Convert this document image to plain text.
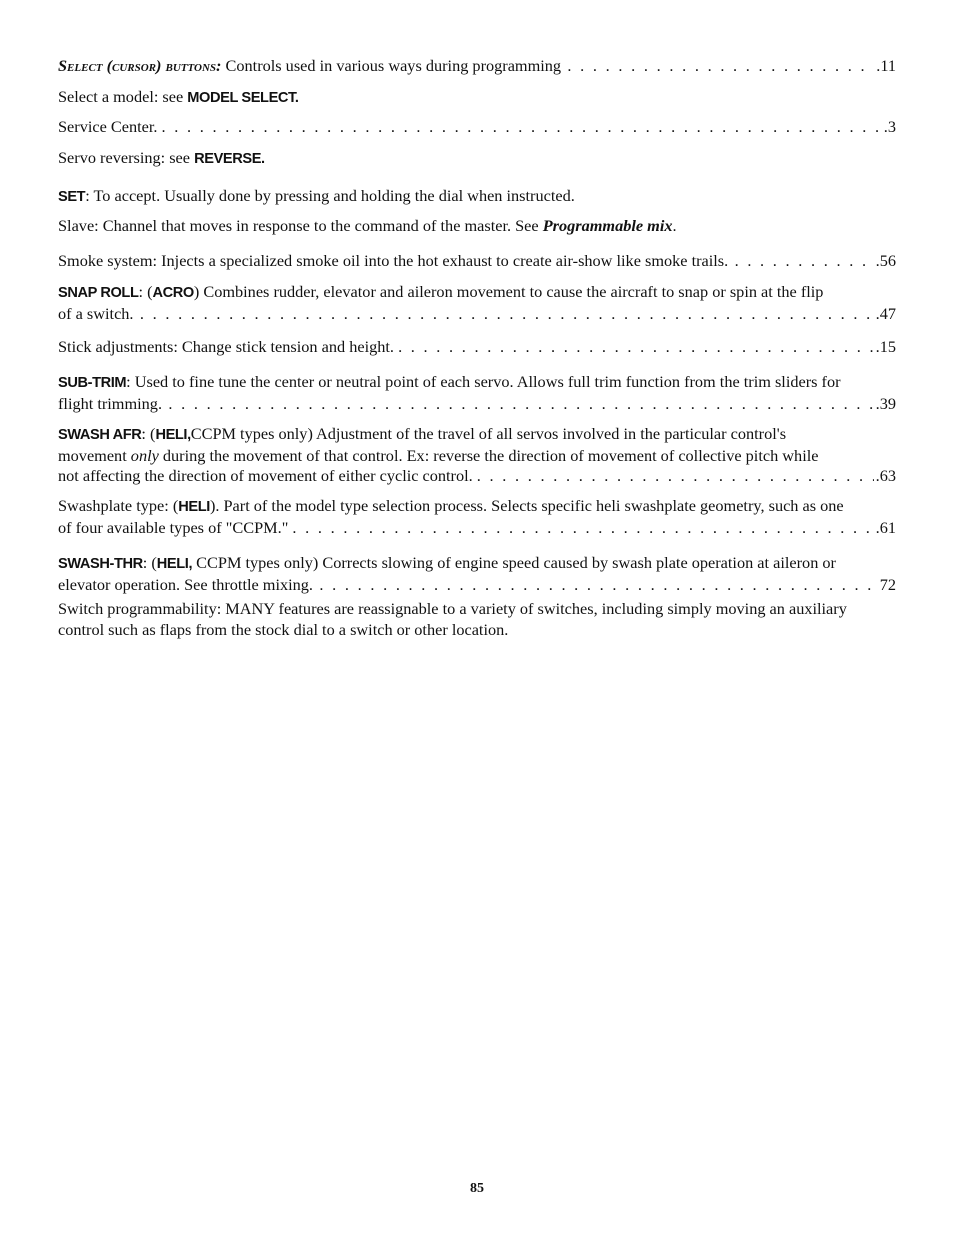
Select (cursor) buttons: Controls used in various ways during programming	.11
. . .
Select a model: see MODEL SELECT.
Service Center.	.3
. . .
Servo reversing: see REVERSE.
SET: To accept. Usually done by pressing and holding the dial when instructed.
Slave: Channel that moves in response to the command of the master. See Programmable mix.
Smoke system: Injects a specialized smoke oil into the hot exhaust to create air-show like smoke trails.	.56
. . .
SNAP ROLL: (ACRO) Combines rudder, elevator and aileron movement to cause the aircraft to snap or spin at the flip
of a switch.	.47
. . .
Stick adjustments: Change stick tension and height.	.15
. . .
SUB-TRIM: Used to fine tune the center or neutral point of each servo. Allows full trim function from the trim sliders for
flight trimming.	.39
. . .
SWASH AFR: (HELI,CCPM types only) Adjustment of the travel of all servos involved in the particular control's
movement only during the movement of that control. Ex: reverse the direction of movement of collective pitch while
not affecting the direction of movement of either cyclic control.	.63
. . .
Swashplate type: (HELI). Part of the model type selection process. Selects specific heli swashplate geometry, such as one
of four available types of "CCPM."	.61
. . .
SWASH-THR: (HELI, CCPM types only) Corrects slowing of engine speed caused by swash plate operation at aileron or
elevator operation. See throttle mixing.	72
. . .
Switch programmability: MANY features are reassignable to a variety of switches, including simply moving an auxiliary
control such as flaps from the stock dial to a switch or other location.
85
